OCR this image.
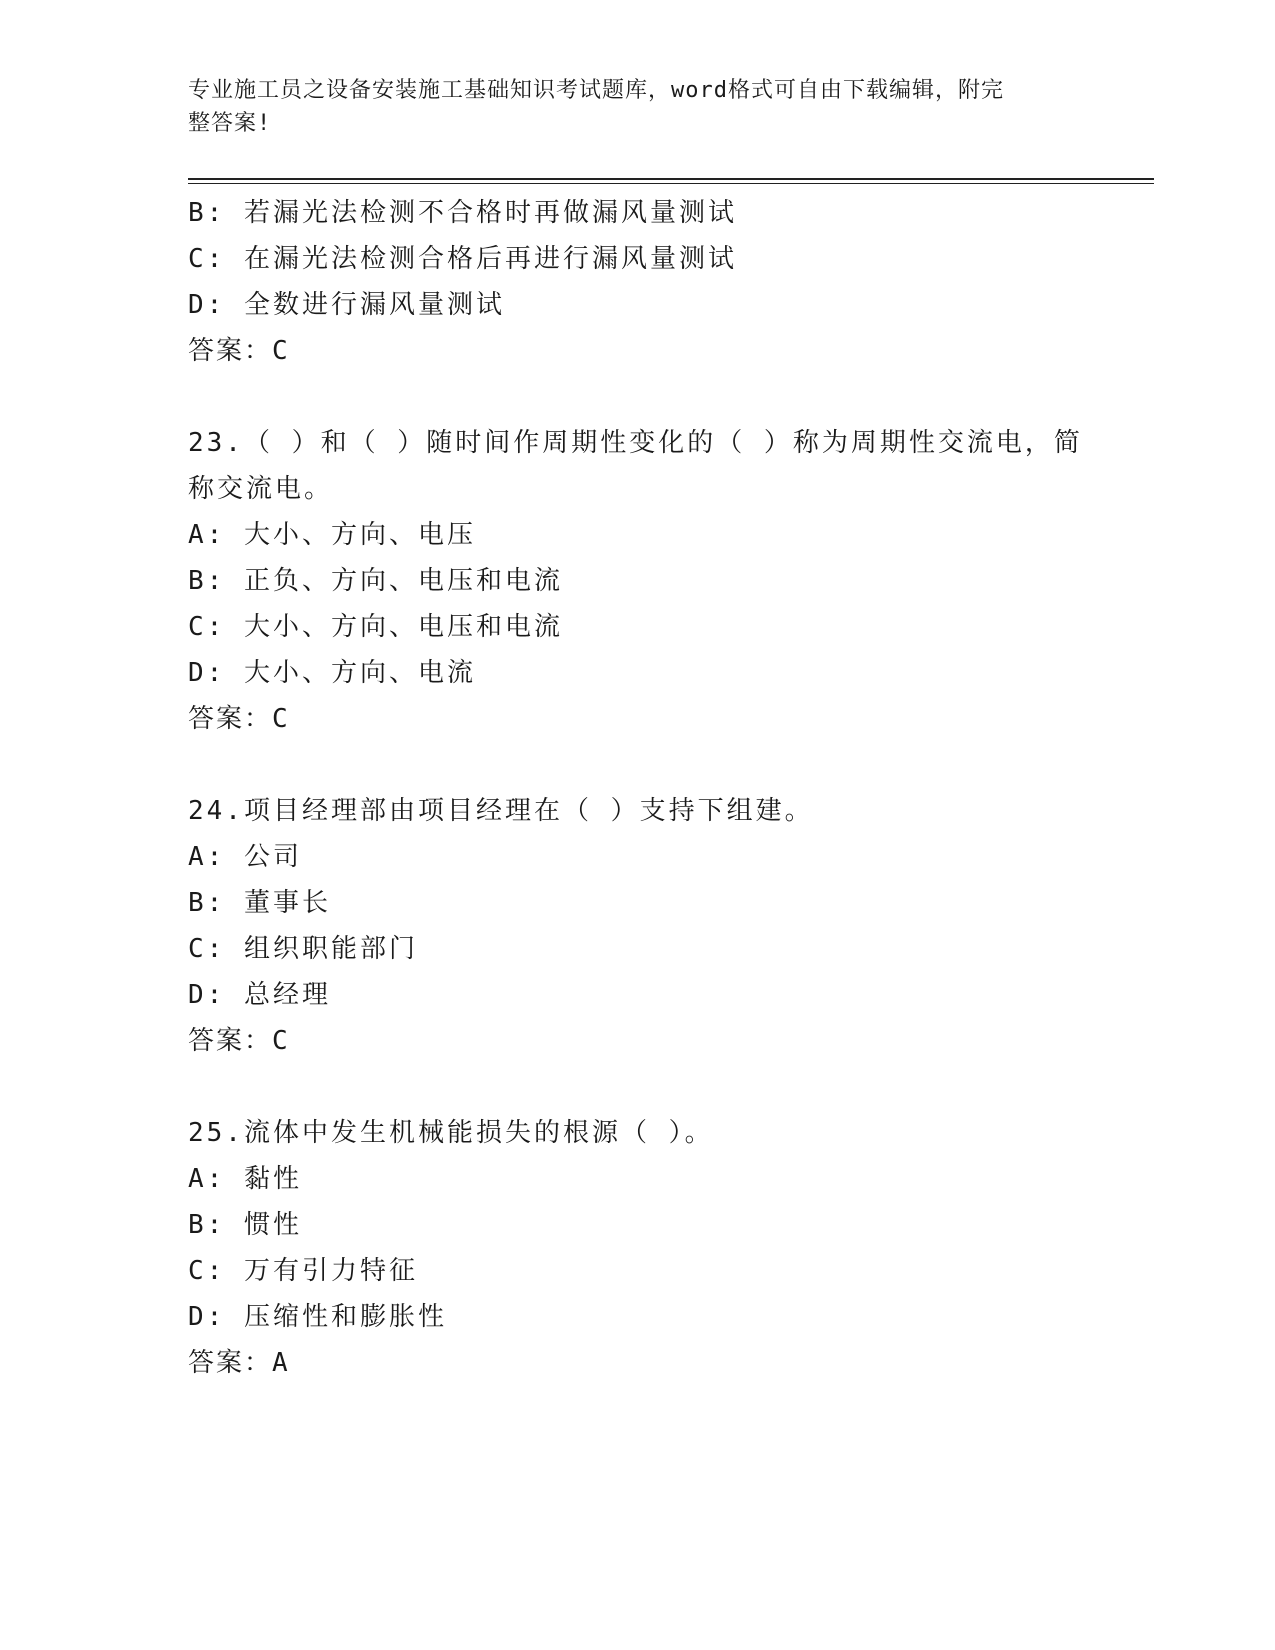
专业施工员之设备安装施工基础知识考试题库，word格式可自由下载编辑，附完
整答案!
B: 若漏光法检测不合格时再做漏风量测试
C: 在漏光法检测合格后再进行漏风量测试
D: 全数进行漏风量测试
答案：C
23.（ ）和（ ）随时间作周期性变化的（ ）称为周期性交流电，简
称交流电。
A: 大小、方向、电压
B: 正负、方向、电压和电流
C: 大小、方向、电压和电流
D: 大小、方向、电流
答案：C
24.项目经理部由项目经理在（ ）支持下组建。
A: 公司
B: 董事长
C: 组织职能部门
D: 总经理
答案：C
25.流体中发生机械能损失的根源（ ）。
A: 黏性
B: 惯性
C: 万有引力特征
D: 压缩性和膨胀性
答案：A
